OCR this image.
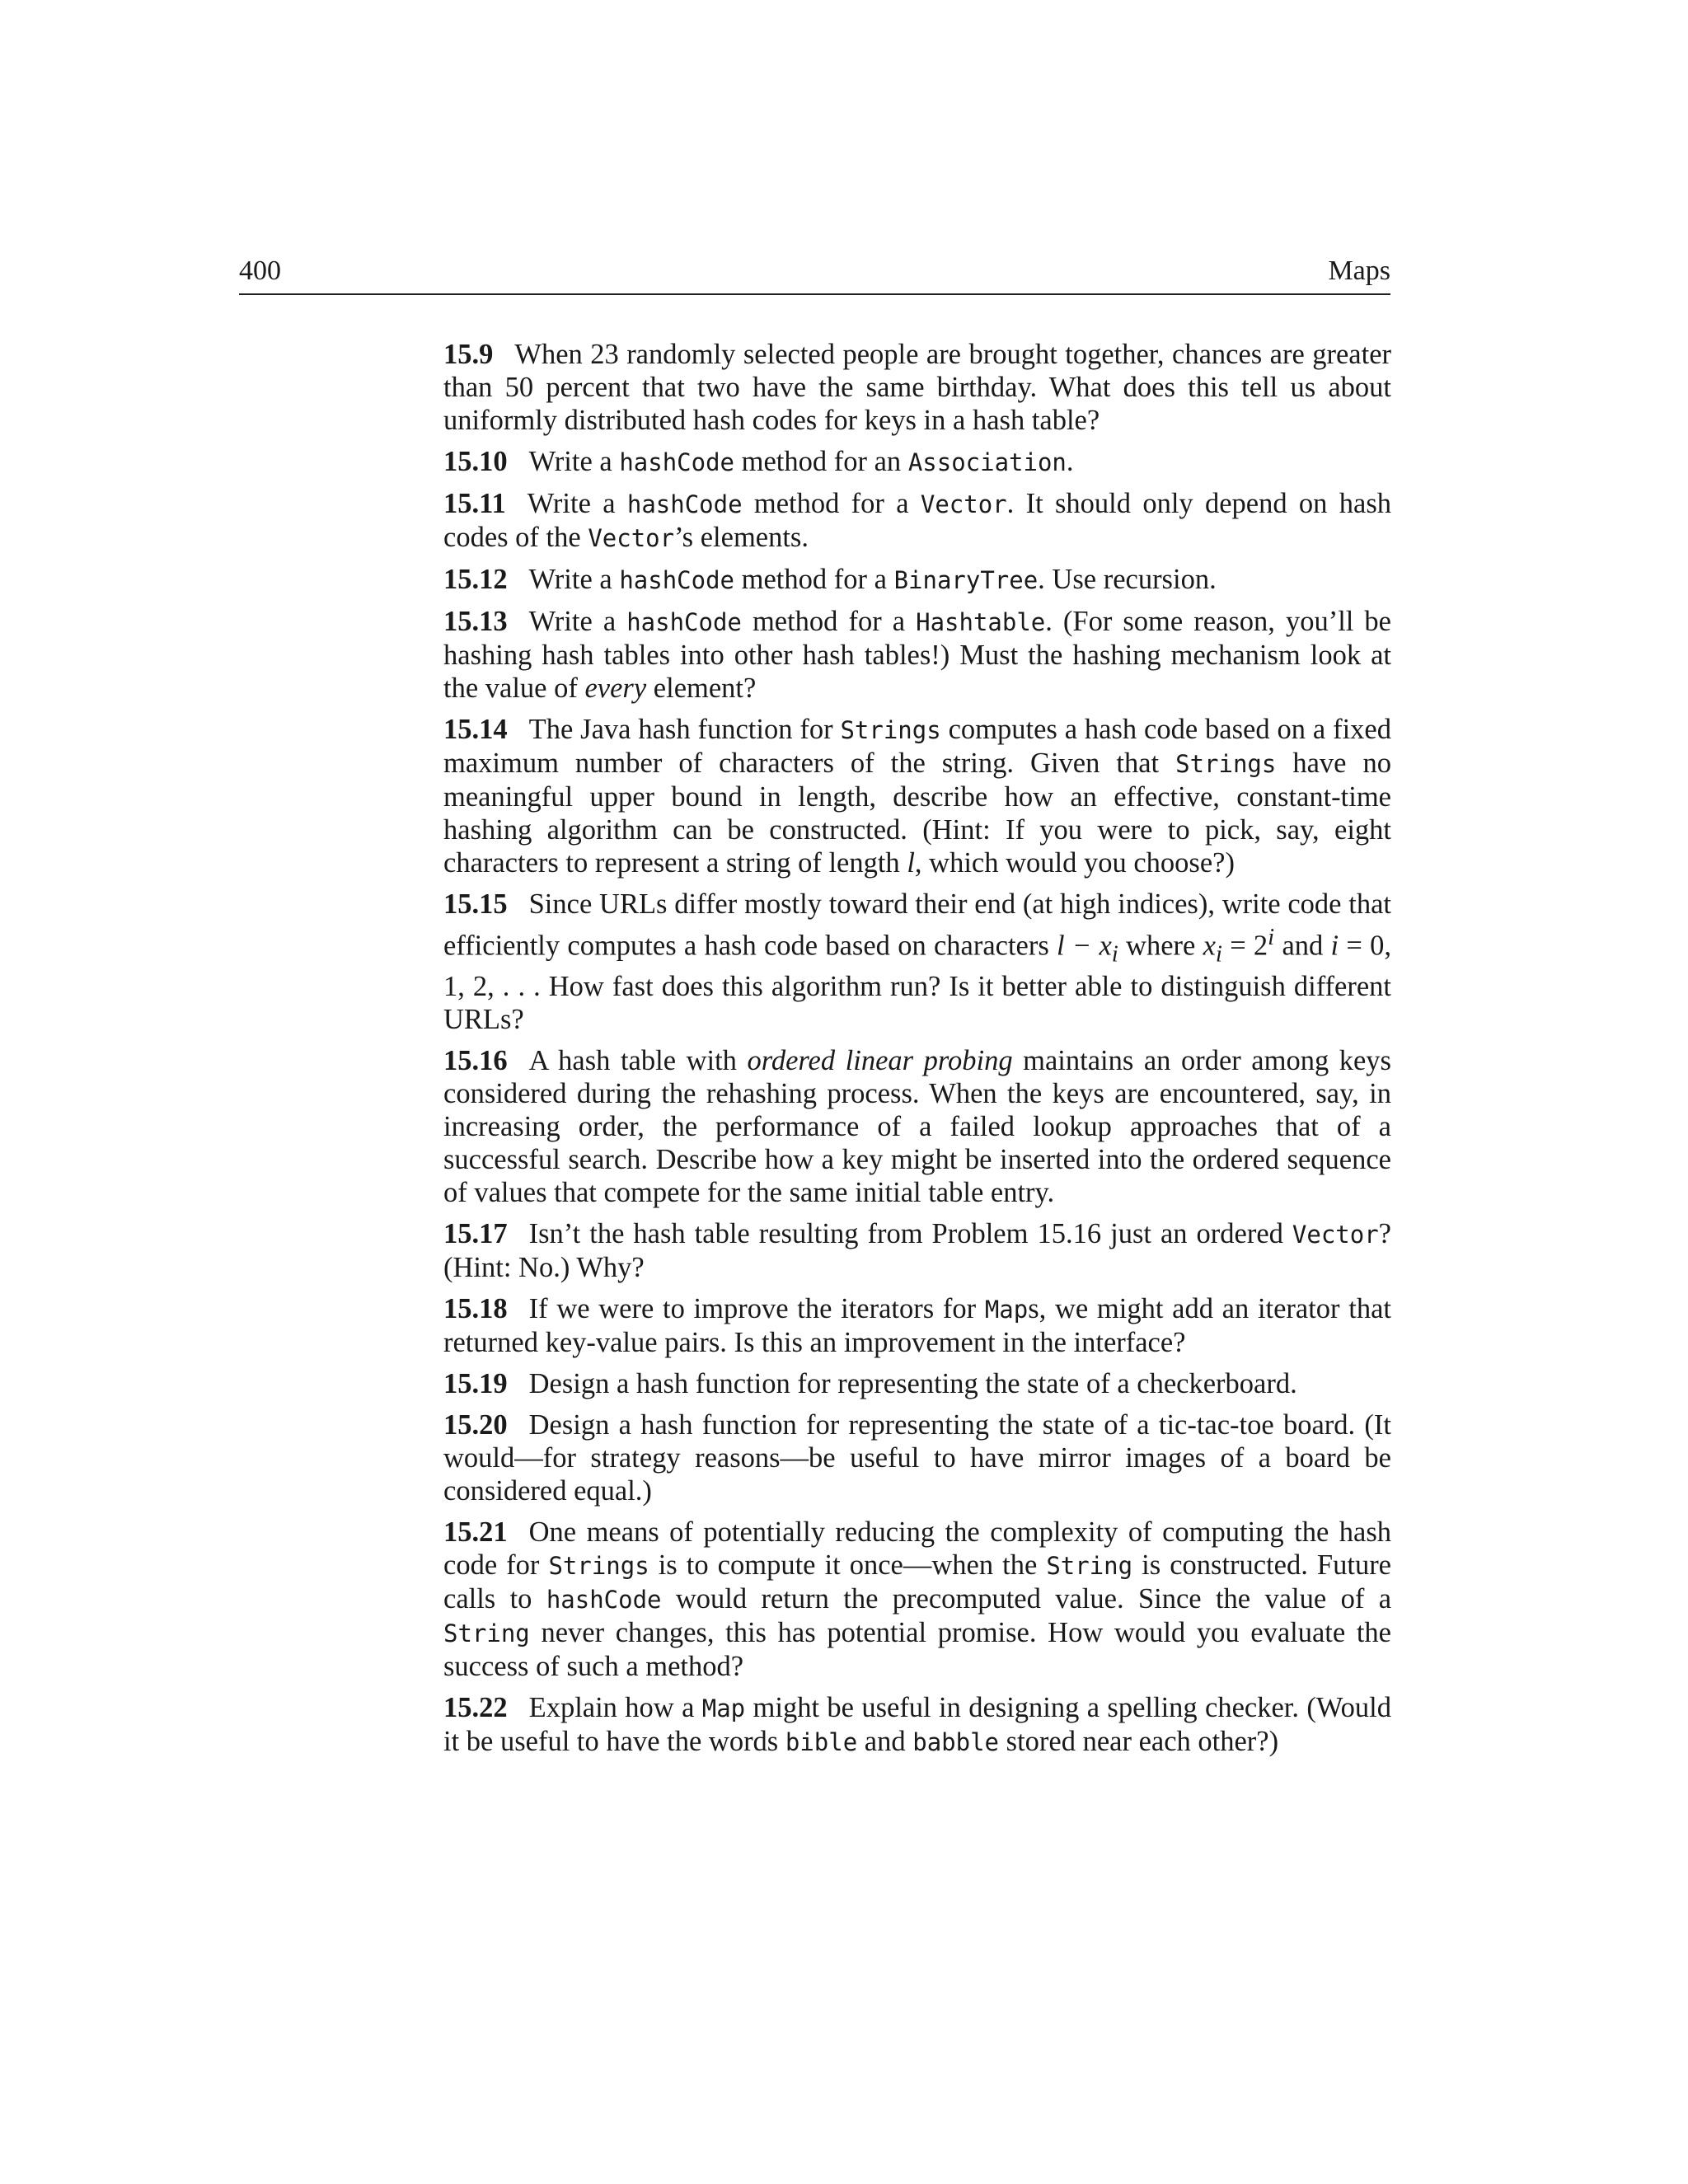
400	Maps

15.9 When 23 randomly selected people are brought together, chances are greater than 50 percent that two have the same birthday. What does this tell us about uniformly distributed hash codes for keys in a hash table?

15.10 Write a hashCode method for an Association.

15.11 Write a hashCode method for a Vector. It should only depend on hash codes of the Vector’s elements.

15.12 Write a hashCode method for a BinaryTree. Use recursion.

15.13 Write a hashCode method for a Hashtable. (For some reason, you’ll be hashing hash tables into other hash tables!) Must the hashing mechanism look at the value of every element?

15.14 The Java hash function for Strings computes a hash code based on a fixed maximum number of characters of the string. Given that Strings have no meaningful upper bound in length, describe how an effective, constant-time hashing algorithm can be constructed. (Hint: If you were to pick, say, eight characters to represent a string of length l, which would you choose?)

15.15 Since URLs differ mostly toward their end (at high indices), write code that efficiently computes a hash code based on characters $l - x_i$ where $x_i = 2^i$ and i = 0, 1, 2, . . . How fast does this algorithm run? Is it better able to distinguish different URLs?

15.16 A hash table with ordered linear probing maintains an order among keys considered during the rehashing process. When the keys are encountered, say, in increasing order, the performance of a failed lookup approaches that of a successful search. Describe how a key might be inserted into the ordered sequence of values that compete for the same initial table entry.

15.17 Isn’t the hash table resulting from Problem 15.16 just an ordered Vector? (Hint: No.) Why?

15.18 If we were to improve the iterators for Maps, we might add an iterator that returned key-value pairs. Is this an improvement in the interface?

15.19 Design a hash function for representing the state of a checkerboard.

15.20 Design a hash function for representing the state of a tic-tac-toe board. (It would—for strategy reasons—be useful to have mirror images of a board be considered equal.)

15.21 One means of potentially reducing the complexity of computing the hash code for Strings is to compute it once—when the String is constructed. Future calls to hashCode would return the precomputed value. Since the value of a String never changes, this has potential promise. How would you evaluate the success of such a method?

15.22 Explain how a Map might be useful in designing a spelling checker. (Would it be useful to have the words bible and babble stored near each other?)
